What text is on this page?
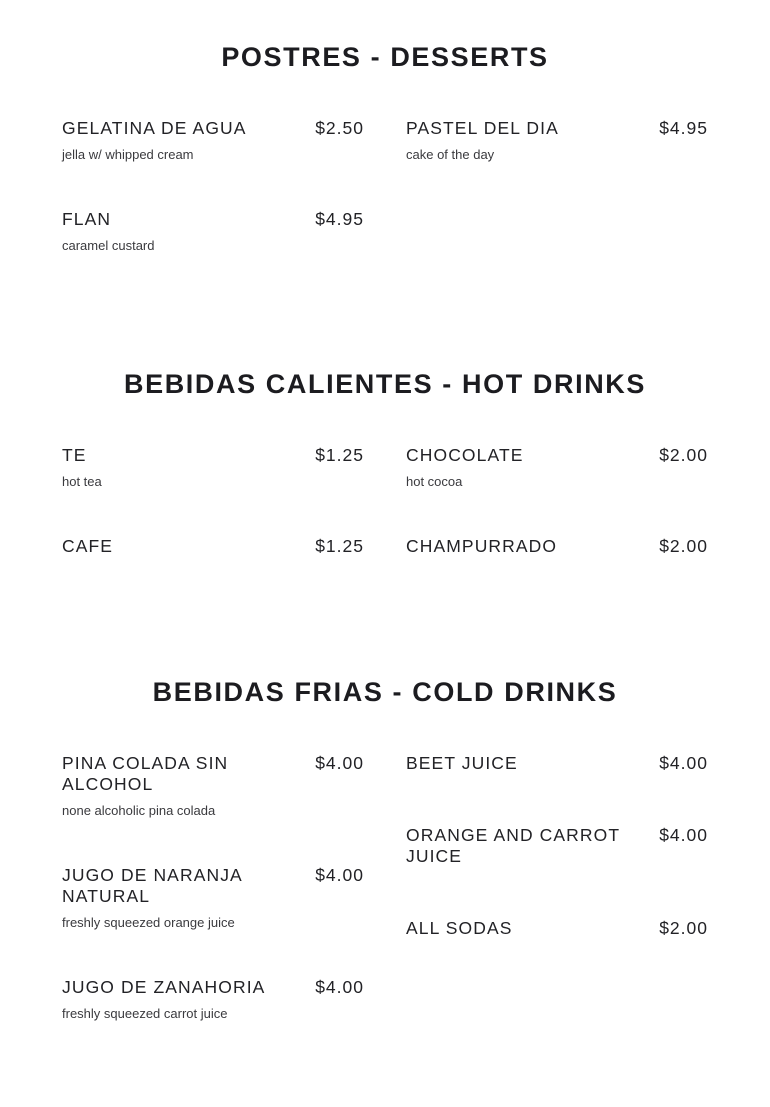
POSTRES - DESSERTS
GELATINA DE AGUA	$2.50
jella w/ whipped cream
PASTEL DEL DIA	$4.95
cake of the day
FLAN	$4.95
caramel custard
BEBIDAS CALIENTES - HOT DRINKS
TE	$1.25
hot tea
CHOCOLATE	$2.00
hot cocoa
CAFE	$1.25 CHAMPURRADO	$2.00
BEBIDAS FRIAS - COLD DRINKS
PINA COLADA SIN ALCOHOL
$4.00
none alcoholic pina colada
BEET JUICE	$4.00
ORANGE AND CARROT JUICE
$4.00
JUGO DE NARANJA NATURAL
$4.00
freshly squeezed orange juice	ALL SODAS	$2.00
JUGO DE ZANAHORIA	$4.00
freshly squeezed carrot juice
